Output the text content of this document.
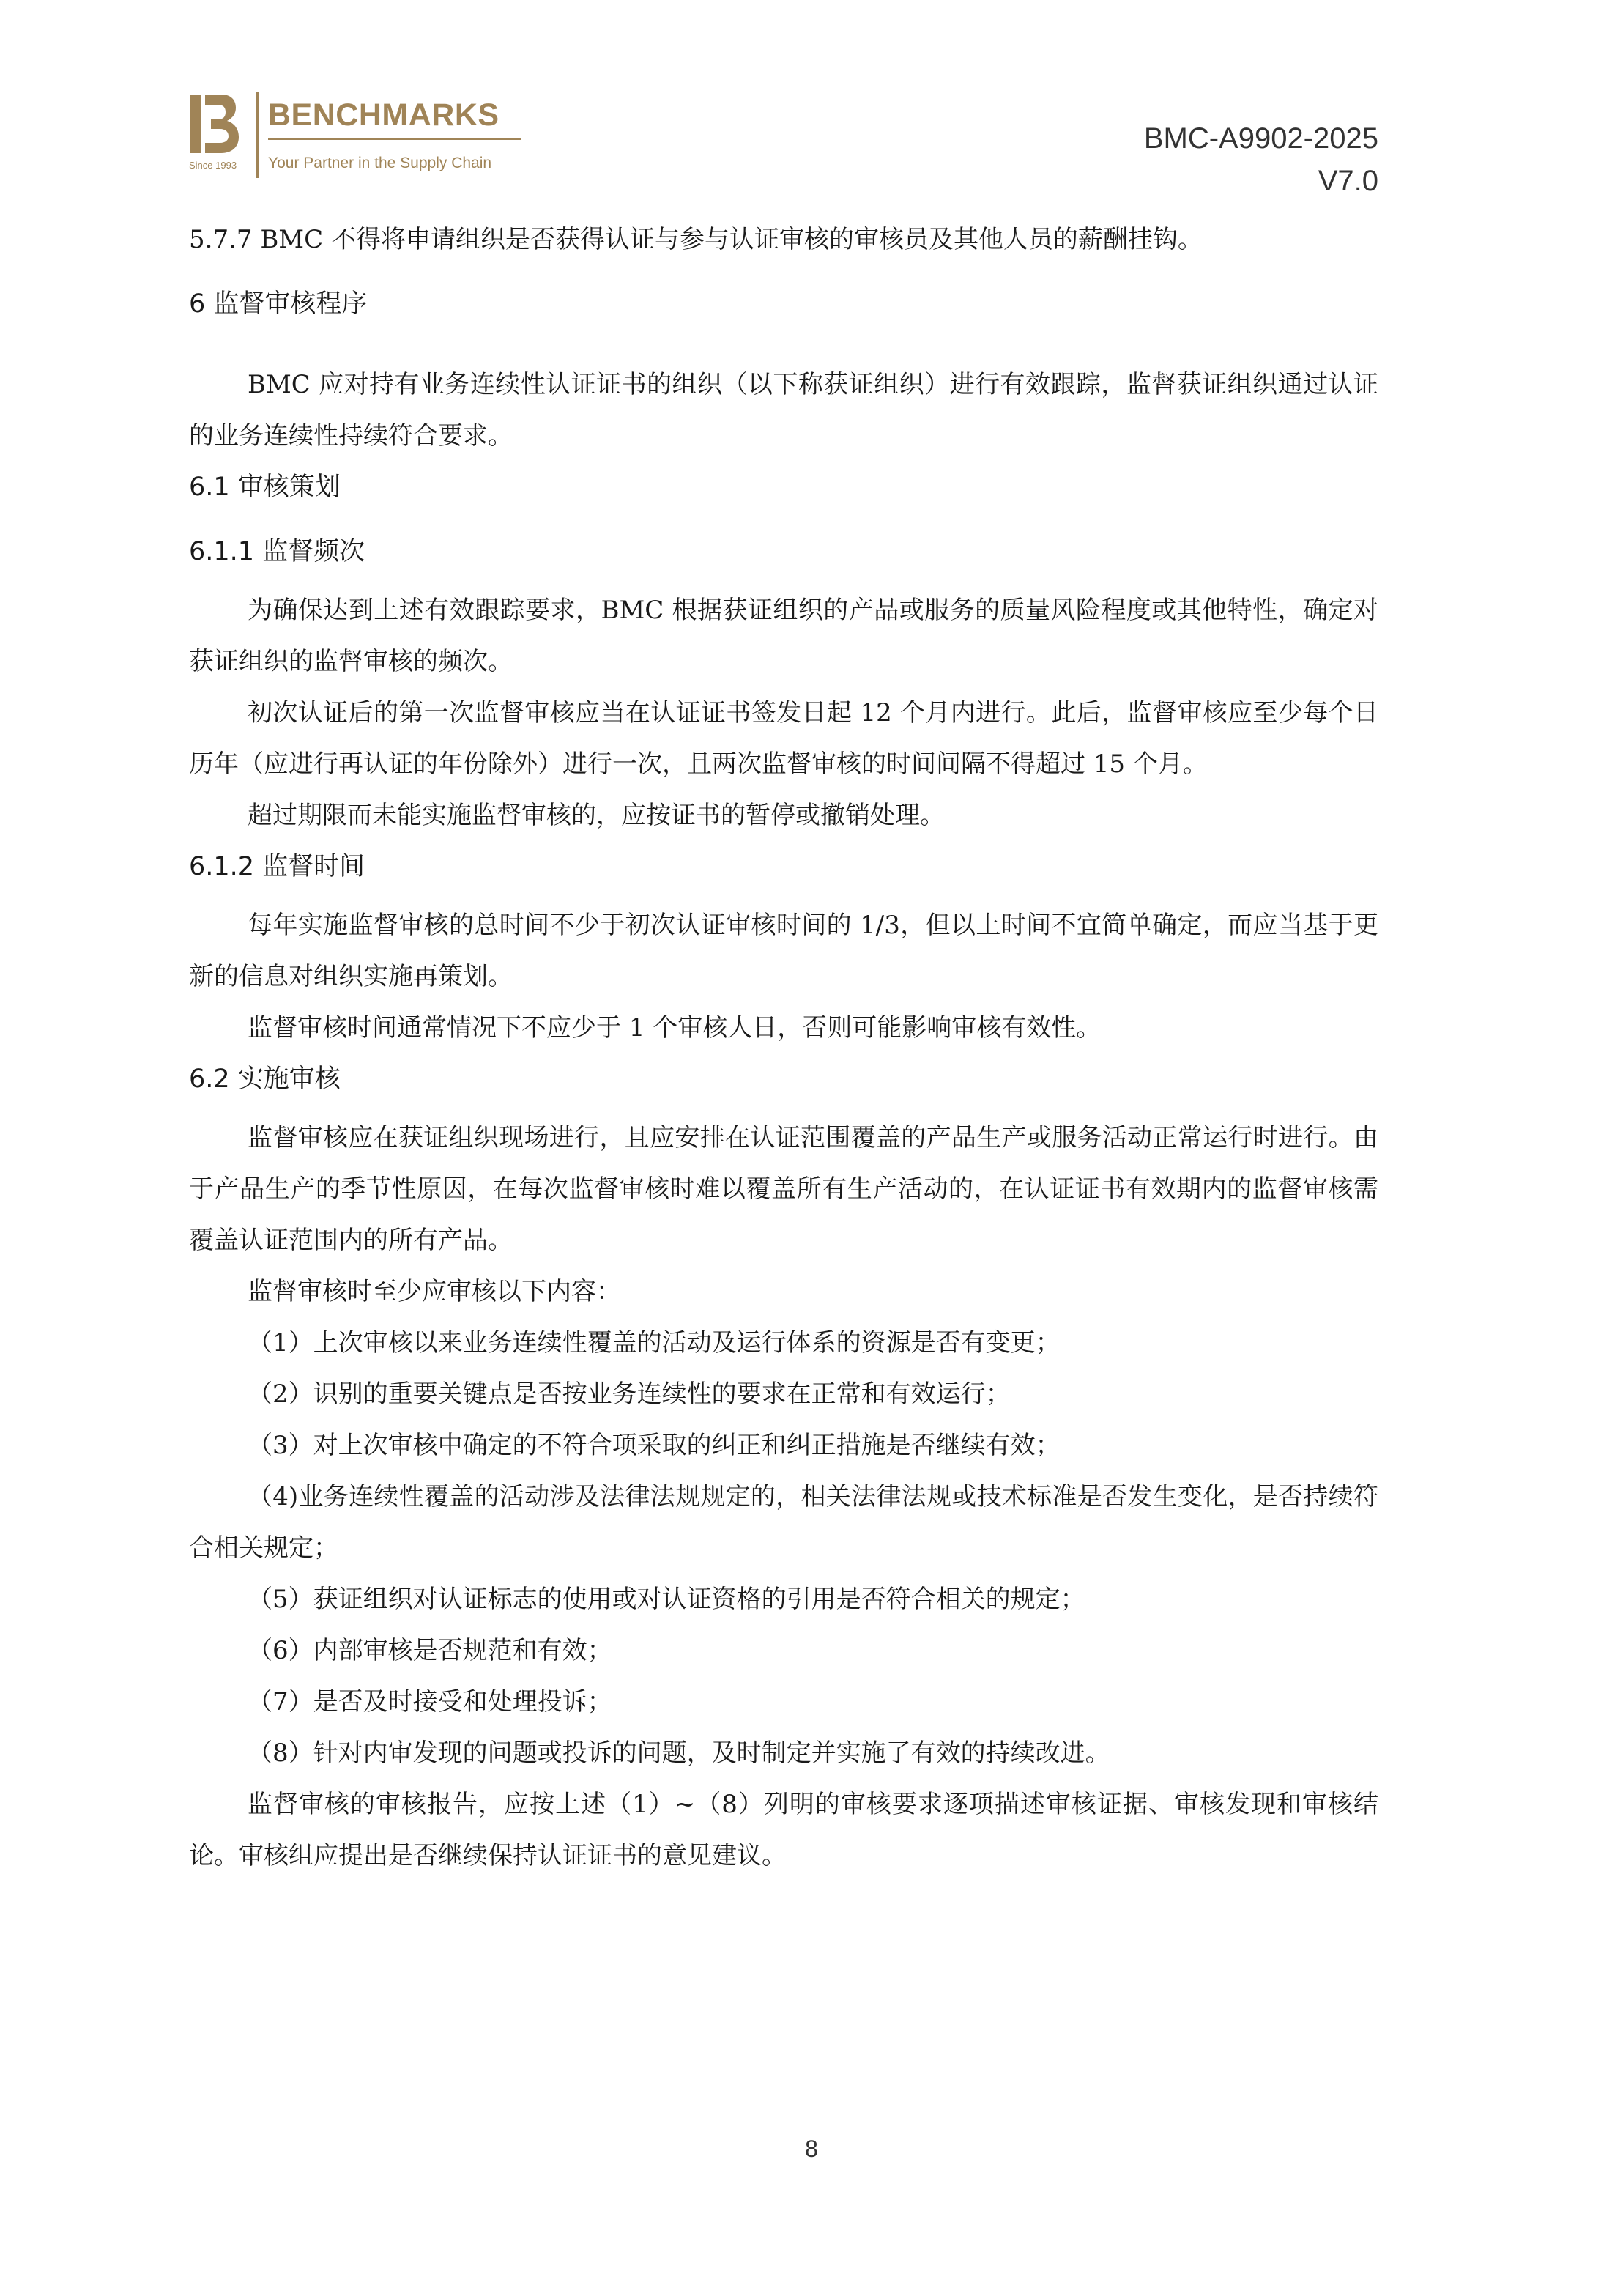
Since 1993
BENCHMARKS
Your Partner in the Supply Chain
BMC-A9902-2025
V7.0

5.7.7 BMC 不得将申请组织是否获得认证与参与认证审核的审核员及其他人员的薪酬挂钩。

6 监督审核程序

BMC 应对持有业务连续性认证证书的组织（以下称获证组织）进行有效跟踪，监督获证组织通过认证的业务连续性持续符合要求。

6.1 审核策划
6.1.1 监督频次

为确保达到上述有效跟踪要求，BMC 根据获证组织的产品或服务的质量风险程度或其他特性，确定对获证组织的监督审核的频次。

初次认证后的第一次监督审核应当在认证证书签发日起 12 个月内进行。此后，监督审核应至少每个日历年（应进行再认证的年份除外）进行一次，且两次监督审核的时间间隔不得超过 15 个月。

超过期限而未能实施监督审核的，应按证书的暂停或撤销处理。

6.1.2 监督时间

每年实施监督审核的总时间不少于初次认证审核时间的 1/3，但以上时间不宜简单确定，而应当基于更新的信息对组织实施再策划。

监督审核时间通常情况下不应少于 1 个审核人日，否则可能影响审核有效性。

6.2 实施审核

监督审核应在获证组织现场进行，且应安排在认证范围覆盖的产品生产或服务活动正常运行时进行。由于产品生产的季节性原因，在每次监督审核时难以覆盖所有生产活动的，在认证证书有效期内的监督审核需覆盖认证范围内的所有产品。

监督审核时至少应审核以下内容：

（1）上次审核以来业务连续性覆盖的活动及运行体系的资源是否有变更；

（2）识别的重要关键点是否按业务连续性的要求在正常和有效运行；

（3）对上次审核中确定的不符合项采取的纠正和纠正措施是否继续有效；

（4)业务连续性覆盖的活动涉及法律法规规定的，相关法律法规或技术标准是否发生变化，是否持续符合相关规定；

（5）获证组织对认证标志的使用或对认证资格的引用是否符合相关的规定；

（6）内部审核是否规范和有效；

（7）是否及时接受和处理投诉；

（8）针对内审发现的问题或投诉的问题，及时制定并实施了有效的持续改进。

监督审核的审核报告，应按上述（1）~（8）列明的审核要求逐项描述审核证据、审核发现和审核结论。审核组应提出是否继续保持认证证书的意见建议。

8
